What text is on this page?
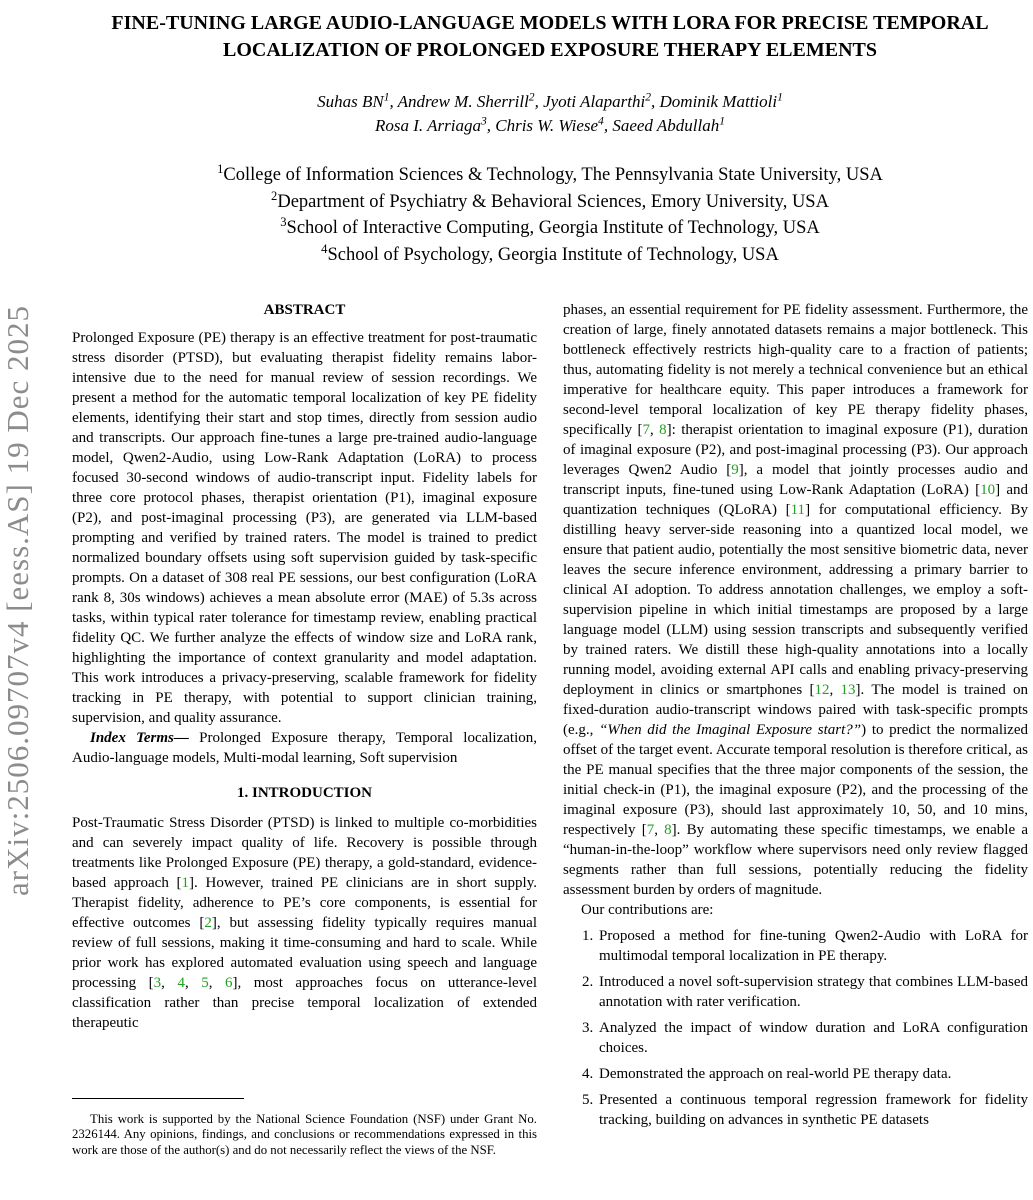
arXiv:2506.09707v4 [eess.AS] 19 Dec 2025
FINE-TUNING LARGE AUDIO-LANGUAGE MODELS WITH LORA FOR PRECISE TEMPORAL LOCALIZATION OF PROLONGED EXPOSURE THERAPY ELEMENTS
Suhas $BN^1$, Andrew M. Sherrill$^2$, Jyoti Alaparthi$^2$, Dominik Mattioli$^1$
Rosa I. Arriaga$^3$, Chris W. Wiese$^4$, Saeed Abdullah$^1$
$^1$College of Information Sciences & Technology, The Pennsylvania State University, USA
$^2$Department of Psychiatry & Behavioral Sciences, Emory University, USA
$^3$School of Interactive Computing, Georgia Institute of Technology, USA
$^4$School of Psychology, Georgia Institute of Technology, USA
ABSTRACT

Prolonged Exposure (PE) therapy is an effective treatment for post-traumatic stress disorder (PTSD), but evaluating therapist fidelity remains labor-intensive due to the need for manual review of session recordings. We present a method for the automatic temporal localization of key PE fidelity elements, identifying their start and stop times, directly from session audio and transcripts. Our approach fine-tunes a large pre-trained audio-language model, Qwen2-Audio, using Low-Rank Adaptation (LoRA) to process focused 30-second windows of audio-transcript input. Fidelity labels for three core protocol phases, therapist orientation (P1), imaginal exposure (P2), and post-imaginal processing (P3), are generated via LLM-based prompting and verified by trained raters. The model is trained to predict normalized boundary offsets using soft supervision guided by task-specific prompts. On a dataset of 308 real PE sessions, our best configuration (LoRA rank 8, 30s windows) achieves a mean absolute error (MAE) of 5.3s across tasks, within typical rater tolerance for timestamp review, enabling practical fidelity QC. We further analyze the effects of window size and LoRA rank, highlighting the importance of context granularity and model adaptation. This work introduces a privacy-preserving, scalable framework for fidelity tracking in PE therapy, with potential to support clinician training, supervision, and quality assurance.

Index Terms— Prolonged Exposure therapy, Temporal localization, Audio-language models, Multi-modal learning, Soft supervision

1. INTRODUCTION

Post-Traumatic Stress Disorder (PTSD) is linked to multiple co-morbidities and can severely impact quality of life. Recovery is possible through treatments like Prolonged Exposure (PE) therapy, a gold-standard, evidence-based approach [1]. However, trained PE clinicians are in short supply. Therapist fidelity, adherence to PE’s core components, is essential for effective outcomes [2], but assessing fidelity typically requires manual review of full sessions, making it time-consuming and hard to scale. While prior work has explored automated evaluation using speech and language processing [3, 4, 5, 6], most approaches focus on utterance-level classification rather than precise temporal localization of extended therapeutic

phases, an essential requirement for PE fidelity assessment. Furthermore, the creation of large, finely annotated datasets remains a major bottleneck. This bottleneck effectively restricts high-quality care to a fraction of patients; thus, automating fidelity is not merely a technical convenience but an ethical imperative for healthcare equity. This paper introduces a framework for second-level temporal localization of key PE therapy fidelity phases, specifically [7, 8]: therapist orientation to imaginal exposure (P1), duration of imaginal exposure (P2), and post-imaginal processing (P3). Our approach leverages Qwen2 Audio [9], a model that jointly processes audio and transcript inputs, fine-tuned using Low-Rank Adaptation (LoRA) [10] and quantization techniques (QLoRA) [11] for computational efficiency. By distilling heavy server-side reasoning into a quantized local model, we ensure that patient audio, potentially the most sensitive biometric data, never leaves the secure inference environment, addressing a primary barrier to clinical AI adoption. To address annotation challenges, we employ a soft-supervision pipeline in which initial timestamps are proposed by a large language model (LLM) using session transcripts and subsequently verified by trained raters. We distill these high-quality annotations into a locally running model, avoiding external API calls and enabling privacy-preserving deployment in clinics or smartphones [12, 13]. The model is trained on fixed-duration audio-transcript windows paired with task-specific prompts (e.g., “When did the Imaginal Exposure start?”) to predict the normalized offset of the target event. Accurate temporal resolution is therefore critical, as the PE manual specifies that the three major components of the session, the initial check-in (P1), the imaginal exposure (P2), and the processing of the imaginal exposure (P3), should last approximately 10, 50, and 10 mins, respectively [7, 8]. By automating these specific timestamps, we enable a “human-in-the-loop” workflow where supervisors need only review flagged segments rather than full sessions, potentially reducing the fidelity assessment burden by orders of magnitude.

Our contributions are:

1. Proposed a method for fine-tuning Qwen2-Audio with LoRA for multimodal temporal localization in PE therapy.
2. Introduced a novel soft-supervision strategy that combines LLM-based annotation with rater verification.
3. Analyzed the impact of window duration and LoRA configuration choices.
4. Demonstrated the approach on real-world PE therapy data.
5. Presented a continuous temporal regression framework for fidelity tracking, building on advances in synthetic PE datasets

This work is supported by the National Science Foundation (NSF) under Grant No. 2326144. Any opinions, findings, and conclusions or recommendations expressed in this work are those of the author(s) and do not necessarily reflect the views of the NSF.
